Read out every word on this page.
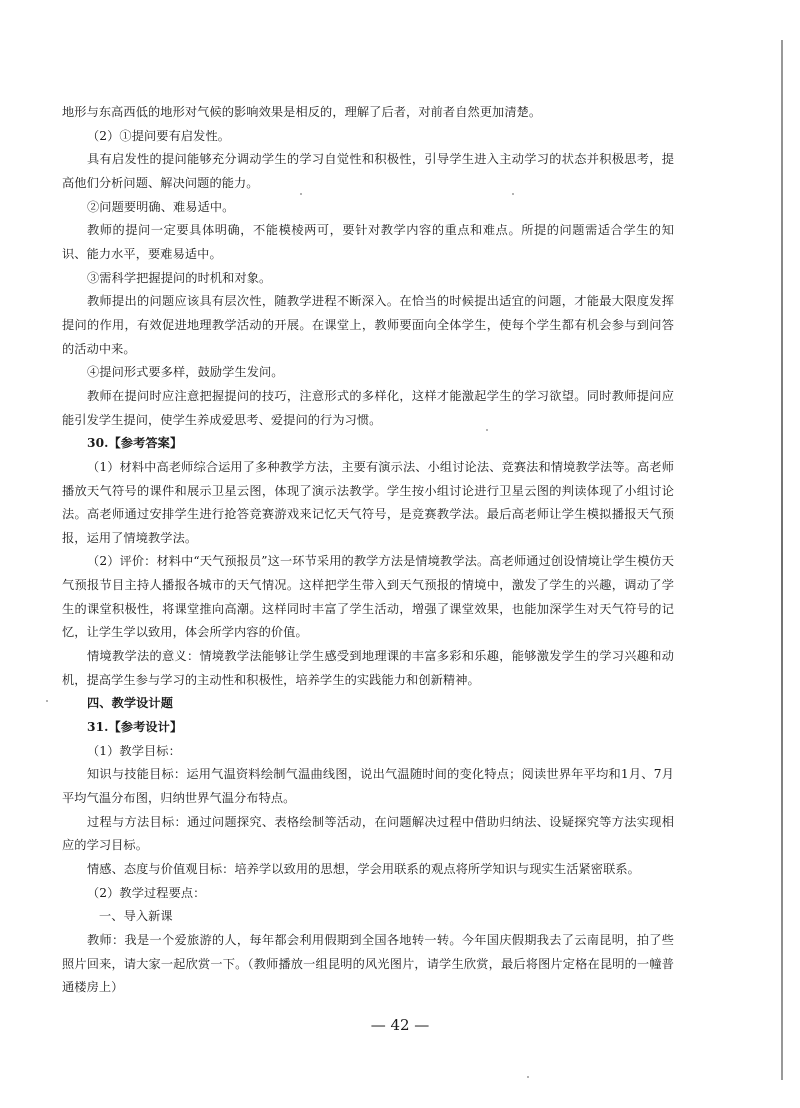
地形与东高西低的地形对气候的影响效果是相反的，理解了后者，对前者自然更加清楚。

（2）①提问要有启发性。

具有启发性的提问能够充分调动学生的学习自觉性和积极性，引导学生进入主动学习的状态并积极思考，提高他们分析问题、解决问题的能力。

②问题要明确、难易适中。

教师的提问一定要具体明确，不能模棱两可，要针对教学内容的重点和难点。所提的问题需适合学生的知识、能力水平，要难易适中。

③需科学把握提问的时机和对象。

教师提出的问题应该具有层次性，随教学进程不断深入。在恰当的时候提出适宜的问题，才能最大限度发挥提问的作用，有效促进地理教学活动的开展。在课堂上，教师要面向全体学生，使每个学生都有机会参与到问答的活动中来。

④提问形式要多样，鼓励学生发问。

教师在提问时应注意把握提问的技巧，注意形式的多样化，这样才能激起学生的学习欲望。同时教师提问应能引发学生提问，使学生养成爱思考、爱提问的行为习惯。

30.【参考答案】

（1）材料中高老师综合运用了多种教学方法，主要有演示法、小组讨论法、竞赛法和情境教学法等。高老师播放天气符号的课件和展示卫星云图，体现了演示法教学。学生按小组讨论进行卫星云图的判读体现了小组讨论法。高老师通过安排学生进行抢答竞赛游戏来记忆天气符号，是竞赛教学法。最后高老师让学生模拟播报天气预报，运用了情境教学法。

（2）评价：材料中“天气预报员”这一环节采用的教学方法是情境教学法。高老师通过创设情境让学生模仿天气预报节目主持人播报各城市的天气情况。这样把学生带入到天气预报的情境中，激发了学生的兴趣，调动了学生的课堂积极性，将课堂推向高潮。这样同时丰富了学生活动，增强了课堂效果，也能加深学生对天气符号的记忆，让学生学以致用，体会所学内容的价值。

情境教学法的意义：情境教学法能够让学生感受到地理课的丰富多彩和乐趣，能够激发学生的学习兴趣和动机，提高学生参与学习的主动性和积极性，培养学生的实践能力和创新精神。

四、教学设计题

31.【参考设计】

（1）教学目标：

知识与技能目标：运用气温资料绘制气温曲线图，说出气温随时间的变化特点；阅读世界年平均和1月、7月平均气温分布图，归纳世界气温分布特点。

过程与方法目标：通过问题探究、表格绘制等活动，在问题解决过程中借助归纳法、设疑探究等方法实现相应的学习目标。

情感、态度与价值观目标：培养学以致用的思想，学会用联系的观点将所学知识与现实生活紧密联系。

（2）教学过程要点：

一、导入新课

教师：我是一个爱旅游的人，每年都会利用假期到全国各地转一转。今年国庆假期我去了云南昆明，拍了些照片回来，请大家一起欣赏一下。（教师播放一组昆明的风光图片，请学生欣赏，最后将图片定格在昆明的一幢普通楼房上）

— 42 —
